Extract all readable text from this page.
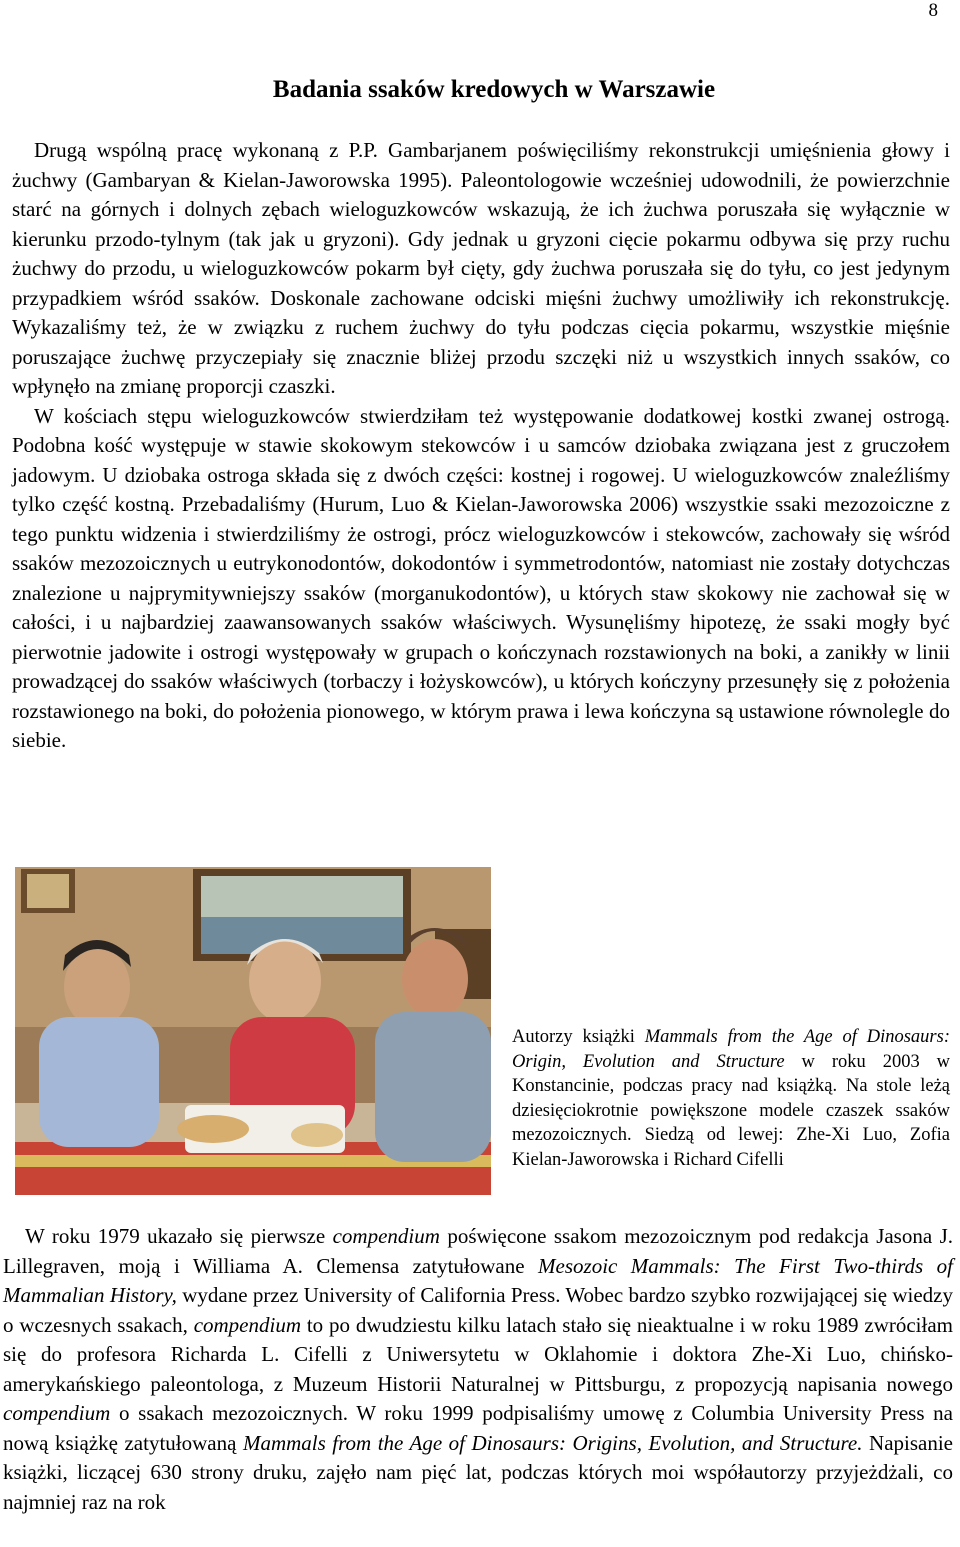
8
Badania ssaków kredowych w Warszawie

Drugą wspólną pracę wykonaną z P.P. Gambarjanem poświęciliśmy rekonstrukcji umięśnienia głowy i żuchwy (Gambaryan & Kielan-Jaworowska 1995). Paleontologowie wcześniej udowodnili, że powierzchnie starć na górnych i dolnych zębach wieloguzkowców wskazują, że ich żuchwa poruszała się wyłącznie w kierunku przodo-tylnym (tak jak u gryzoni). Gdy jednak u gryzoni cięcie pokarmu odbywa się przy ruchu żuchwy do przodu, u wieloguzkowców pokarm był cięty, gdy żuchwa poruszała się do tyłu, co jest jedynym przypadkiem wśród ssaków. Doskonale zachowane odciski mięśni żuchwy umożliwiły ich rekonstrukcję. Wykazaliśmy też, że w związku z ruchem żuchwy do tyłu podczas cięcia pokarmu, wszystkie mięśnie poruszające żuchwę przyczepiały się znacznie bliżej przodu szczęki niż u wszystkich innych ssaków, co wpłynęło na zmianę proporcji czaszki.

W kościach stępu wieloguzkowców stwierdziłam też występowanie dodatkowej kostki zwanej ostrogą. Podobna kość występuje w stawie skokowym stekowców i u samców dziobaka związana jest z gruczołem jadowym. U dziobaka ostroga składa się z dwóch części: kostnej i rogowej. U wieloguzkowców znaleźliśmy tylko część kostną. Przebadaliśmy (Hurum, Luo & Kielan-Jaworowska 2006) wszystkie ssaki mezozoiczne z tego punktu widzenia i stwierdziliśmy że ostrogi, prócz wieloguzkowców i stekowców, zachowały się wśród ssaków mezozoicznych u eutrykonodontów, dokodontów i symmetrodontów, natomiast nie zostały dotychczas znalezione u najprymitywniejszy ssaków (morganukodontów), u których staw skokowy nie zachował się w całości, i u najbardziej zaawansowanych ssaków właściwych. Wysunęliśmy hipotezę, że ssaki mogły być pierwotnie jadowite i ostrogi występowały w grupach o kończynach rozstawionych na boki, a zanikły w linii prowadzącej do ssaków właściwych (torbaczy i łożyskowców), u których kończyny przesunęły się z położenia rozstawionego na boki, do położenia pionowego, w którym prawa i lewa kończyna są ustawione równolegle do siebie.

Autorzy książki Mammals from the Age of Dinosaurs: Origin, Evolution and Structure w roku 2003 w Konstancinie, podczas pracy nad książką. Na stole leżą dziesięciokrotnie powiększone modele czaszek ssaków mezozoicznych. Siedzą od lewej: Zhe-Xi Luo, Zofia Kielan-Jaworowska i Richard Cifelli

W roku 1979 ukazało się pierwsze compendium poświęcone ssakom mezozoicznym pod redakcja Jasona J. Lillegraven, moją i Williama A. Clemensa zatytułowane Mesozoic Mammals: The First Two-thirds of Mammalian History, wydane przez University of California Press. Wobec bardzo szybko rozwijającej się wiedzy o wczesnych ssakach, compendium to po dwudziestu kilku latach stało się nieaktualne i w roku 1989 zwróciłam się do profesora Richarda L. Cifelli z Uniwersytetu w Oklahomie i doktora Zhe-Xi Luo, chińsko-amerykańskiego paleontologa, z Muzeum Historii Naturalnej w Pittsburgu, z propozycją napisania nowego compendium o ssakach mezozoicznych. W roku 1999 podpisaliśmy umowę z Columbia University Press na nową książkę zatytułowaną Mammals from the Age of Dinosaurs: Origins, Evolution, and Structure. Napisanie książki, liczącej 630 strony druku, zajęło nam pięć lat, podczas których moi współautorzy przyjeżdżali, co najmniej raz na rok
